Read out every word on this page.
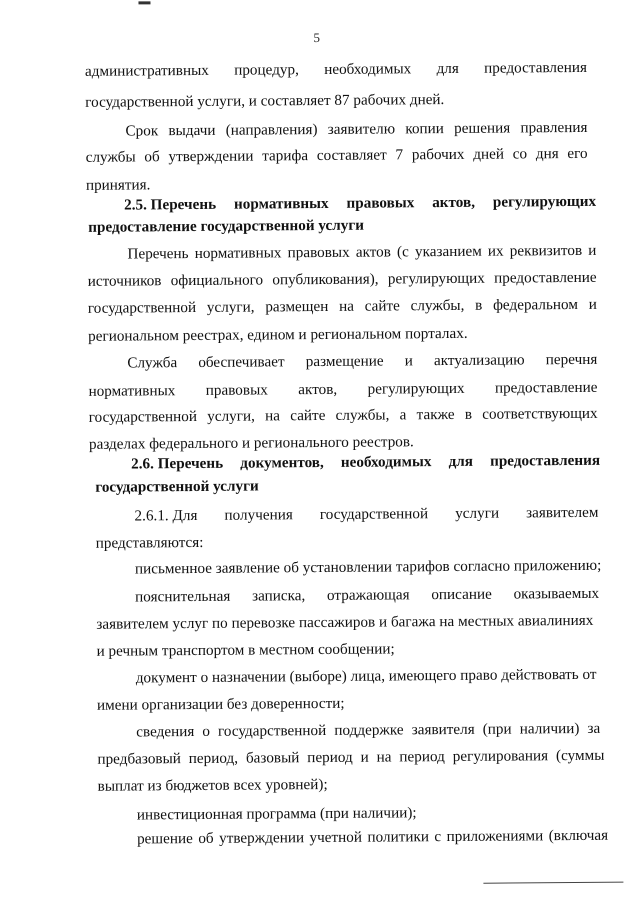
5
административных процедур, необходимых для предоставления
государственной услуги, и составляет 87 рабочих дней.
Срок выдачи (направления) заявителю копии решения правления
службы об утверждении тарифа составляет 7 рабочих дней со дня его
принятия.
2.5. Перечень нормативных правовых актов, регулирующих
предоставление государственной услуги
Перечень нормативных правовых актов (с указанием их реквизитов и
источников официального опубликования), регулирующих предоставление
государственной услуги, размещен на сайте службы, в федеральном и
региональном реестрах, едином и региональном порталах.
Служба обеспечивает размещение и актуализацию перечня
нормативных правовых актов, регулирующих предоставление
государственной услуги, на сайте службы, а также в соответствующих
разделах федерального и регионального реестров.
2.6. Перечень документов, необходимых для предоставления
государственной услуги
2.6.1. Для получения государственной услуги заявителем
представляются:
письменное заявление об установлении тарифов согласно приложению;
пояснительная записка, отражающая описание оказываемых
заявителем услуг по перевозке пассажиров и багажа на местных авиалиниях
и речным транспортом в местном сообщении;
документ о назначении (выборе) лица, имеющего право действовать от
имени организации без доверенности;
сведения о государственной поддержке заявителя (при наличии) за
предбазовый период, базовый период и на период регулирования (суммы
выплат из бюджетов всех уровней);
инвестиционная программа (при наличии);
решение об утверждении учетной политики с приложениями (включая
